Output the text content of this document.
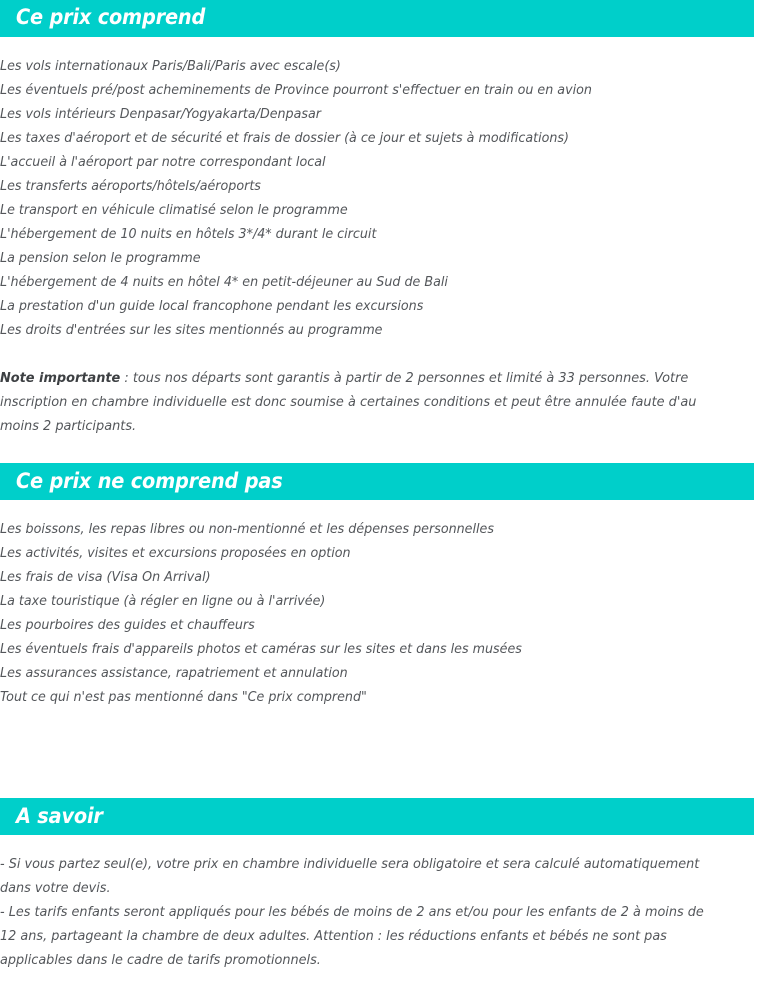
Ce prix comprend
Les vols internationaux Paris/Bali/Paris avec escale(s)
Les éventuels pré/post acheminements de Province pourront s'effectuer en train ou en avion
Les vols intérieurs Denpasar/Yogyakarta/Denpasar
Les taxes d'aéroport et de sécurité et frais de dossier (à ce jour et sujets à modifications)
L'accueil à l'aéroport par notre correspondant local
Les transferts aéroports/hôtels/aéroports
Le transport en véhicule climatisé selon le programme
L'hébergement de 10 nuits en hôtels 3*/4* durant le circuit
La pension selon le programme
L'hébergement de 4 nuits en hôtel 4* en petit-déjeuner au Sud de Bali
La prestation d'un guide local francophone pendant les excursions
Les droits d'entrées sur les sites mentionnés au programme
Note importante : tous nos départs sont garantis à partir de 2 personnes et limité à 33 personnes. Votre inscription en chambre individuelle est donc soumise à certaines conditions et peut être annulée faute d'au moins 2 participants.
Ce prix ne comprend pas
Les boissons, les repas libres ou non-mentionné et les dépenses personnelles
Les activités, visites et excursions proposées en option
Les frais de visa (Visa On Arrival)
La taxe touristique (à régler en ligne ou à l'arrivée)
Les pourboires des guides et chauffeurs
Les éventuels frais d'appareils photos et caméras sur les sites et dans les musées
Les assurances assistance, rapatriement et annulation
Tout ce qui n'est pas mentionné dans "Ce prix comprend"
A savoir

- Si vous partez seul(e), votre prix en chambre individuelle sera obligatoire et sera calculé automatiquement dans votre devis.

- Les tarifs enfants seront appliqués pour les bébés de moins de 2 ans et/ou pour les enfants de 2 à moins de 12 ans, partageant la chambre de deux adultes. Attention : les réductions enfants et bébés ne sont pas applicables dans le cadre de tarifs promotionnels.
